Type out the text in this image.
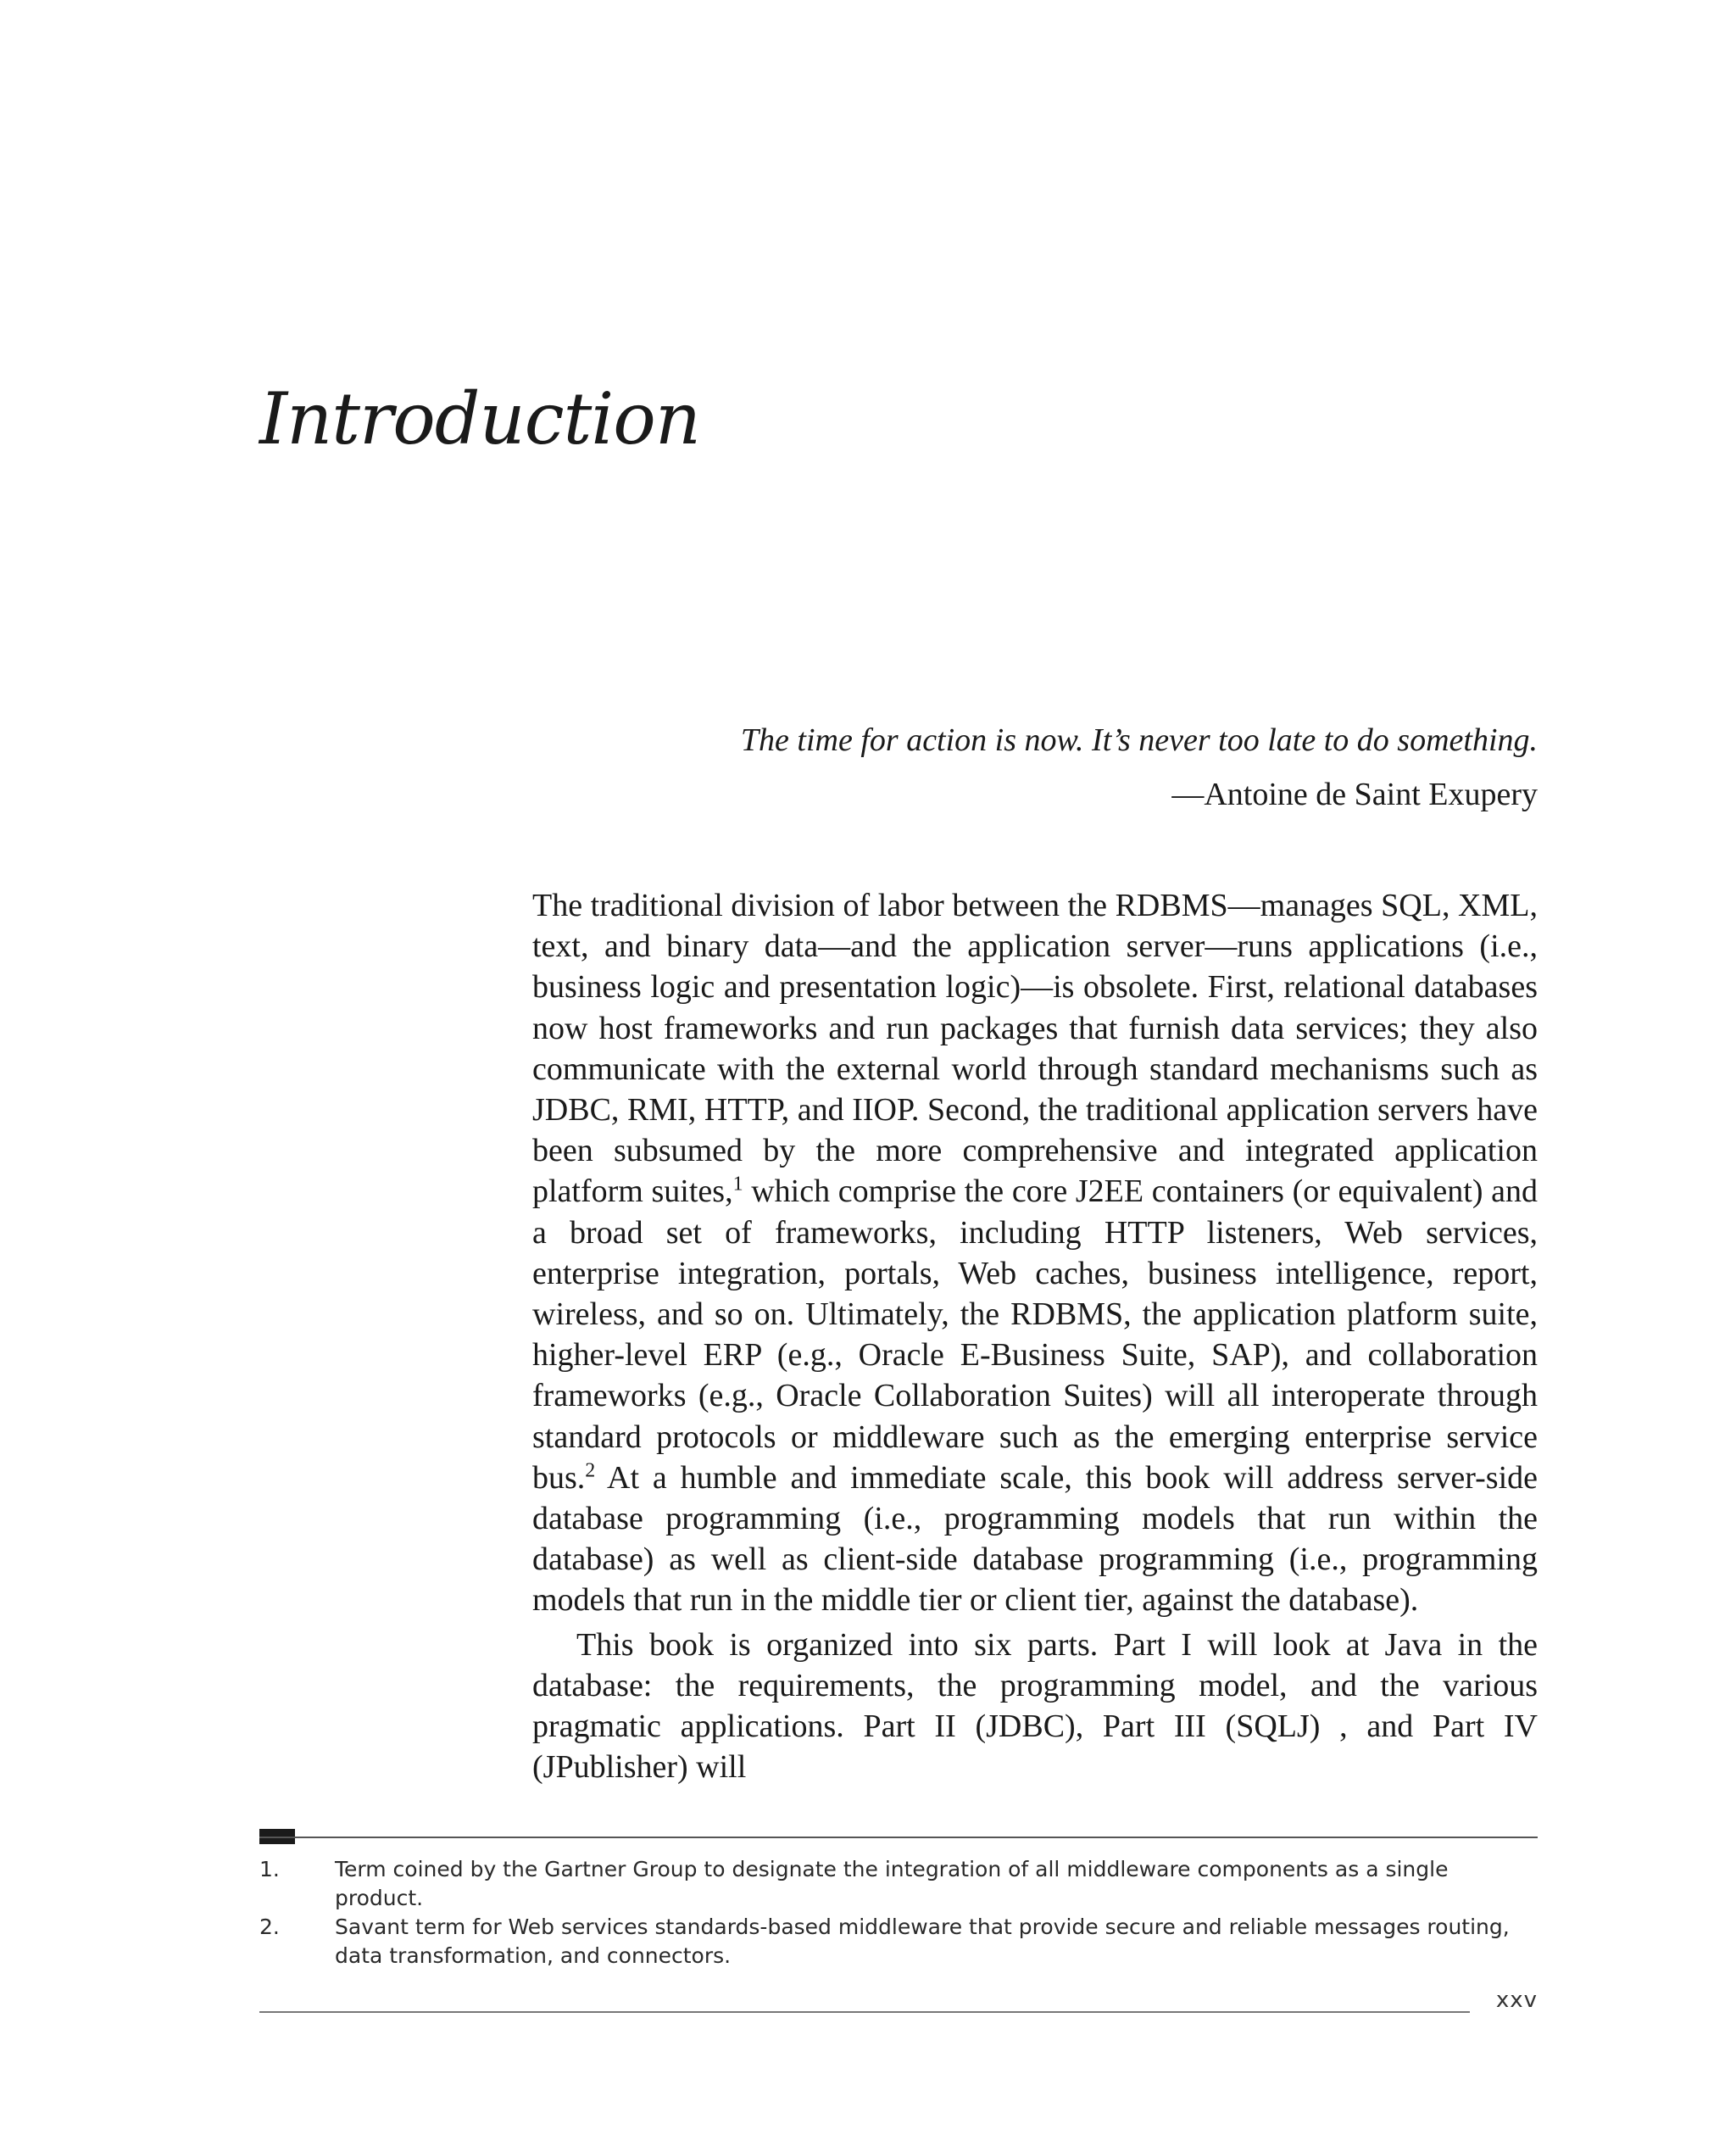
Introduction
The time for action is now. It’s never too late to do something.
—Antoine de Saint Exupery

The traditional division of labor between the RDBMS—manages SQL, XML, text, and binary data—and the application server—runs applications (i.e., business logic and presentation logic)—is obsolete. First, relational databases now host frameworks and run packages that furnish data services; they also communicate with the external world through standard mechanisms such as JDBC, RMI, HTTP, and IIOP. Second, the traditional application servers have been subsumed by the more comprehensive and integrated application platform suites,$^1$ which comprise the core J2EE containers (or equivalent) and a broad set of frameworks, including HTTP listeners, Web services, enterprise integration, portals, Web caches, business intelligence, report, wireless, and so on. Ultimately, the RDBMS, the application platform suite, higher-level ERP (e.g., Oracle E-Business Suite, SAP), and collaboration frameworks (e.g., Oracle Collaboration Suites) will all interoperate through standard protocols or middleware such as the emerging enterprise service bus.$^2$ At a humble and immediate scale, this book will address server-side database programming (i.e., programming models that run within the database) as well as client-side database programming (i.e., programming models that run in the middle tier or client tier, against the database).

This book is organized into six parts. Part I will look at Java in the database: the requirements, the programming model, and the various pragmatic applications. Part II (JDBC), Part III (SQLJ) , and Part IV (JPublisher) will

1.	Term coined by the Gartner Group to designate the integration of all middleware components as a single product.

2.	Savant term for Web services standards-based middleware that provide secure and reliable messages routing, data transformation, and connectors.

xxv
